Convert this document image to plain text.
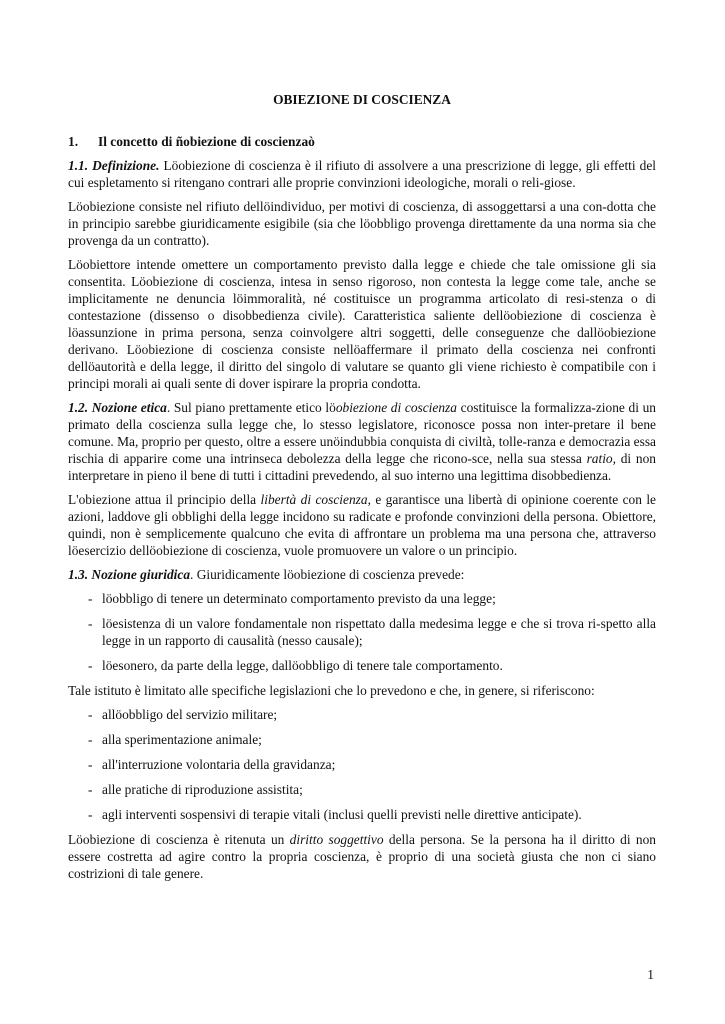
OBIEZIONE DI COSCIENZA
1. Il concetto di ñobiezione di coscienzaò

1.1. Definizione. Löobiezione di coscienza è il rifiuto di assolvere a una prescrizione di legge, gli effetti del cui espletamento si ritengano contrari alle proprie convinzioni ideologiche, morali o reli-giose.

Löobiezione consiste nel rifiuto dellöindividuo, per motivi di coscienza, di assoggettarsi a una con-dotta che in principio sarebbe giuridicamente esigibile (sia che löobbligo provenga direttamente da una norma sia che provenga da un contratto).

Löobiettore intende omettere un comportamento previsto dalla legge e chiede che tale omissione gli sia consentita. Löobiezione di coscienza, intesa in senso rigoroso, non contesta la legge come tale, anche se implicitamente ne denuncia löimmoralità, né costituisce un programma articolato di resi-stenza o di contestazione (dissenso o disobbedienza civile). Caratteristica saliente dellöobiezione di coscienza è löassunzione in prima persona, senza coinvolgere altri soggetti, delle conseguenze che dallöobiezione derivano. Löobiezione di coscienza consiste nellöaffermare il primato della coscienza nei confronti dellöautorità e della legge, il diritto del singolo di valutare se quanto gli viene richiesto è compatibile con i principi morali ai quali sente di dover ispirare la propria condotta.

1.2. Nozione etica. Sul piano prettamente etico löobiezione di coscienza costituisce la formalizza-zione di un primato della coscienza sulla legge che, lo stesso legislatore, riconosce possa non inter-pretare il bene comune. Ma, proprio per questo, oltre a essere unöindubbia conquista di civiltà, tolle-ranza e democrazia essa rischia di apparire come una intrinseca debolezza della legge che ricono-sce, nella sua stessa ratio, di non interpretare in pieno il bene di tutti i cittadini prevedendo, al suo interno una legittima disobbedienza.

L'obiezione attua il principio della libertà di coscienza, e garantisce una libertà di opinione coerente con le azioni, laddove gli obblighi della legge incidono su radicate e profonde convinzioni della persona. Obiettore, quindi, non è semplicemente qualcuno che evita di affrontare un problema ma una persona che, attraverso löesercizio dellöobiezione di coscienza, vuole promuovere un valore o un principio.

1.3. Nozione giuridica. Giuridicamente löobiezione di coscienza prevede:

- löobbligo di tenere un determinato comportamento previsto da una legge;
- löesistenza di un valore fondamentale non rispettato dalla medesima legge e che si trova ri-spetto alla legge in un rapporto di causalità (nesso causale);
- löesonero, da parte della legge, dallöobbligo di tenere tale comportamento.

Tale istituto è limitato alle specifiche legislazioni che lo prevedono e che, in genere, si riferiscono:

- allöobbligo del servizio militare;
- alla sperimentazione animale;
- all'interruzione volontaria della gravidanza;
- alle pratiche di riproduzione assistita;
- agli interventi sospensivi di terapie vitali (inclusi quelli previsti nelle direttive anticipate).

Löobiezione di coscienza è ritenuta un diritto soggettivo della persona. Se la persona ha il diritto di non essere costretta ad agire contro la propria coscienza, è proprio di una società giusta che non ci siano costrizioni di tale genere.

1
